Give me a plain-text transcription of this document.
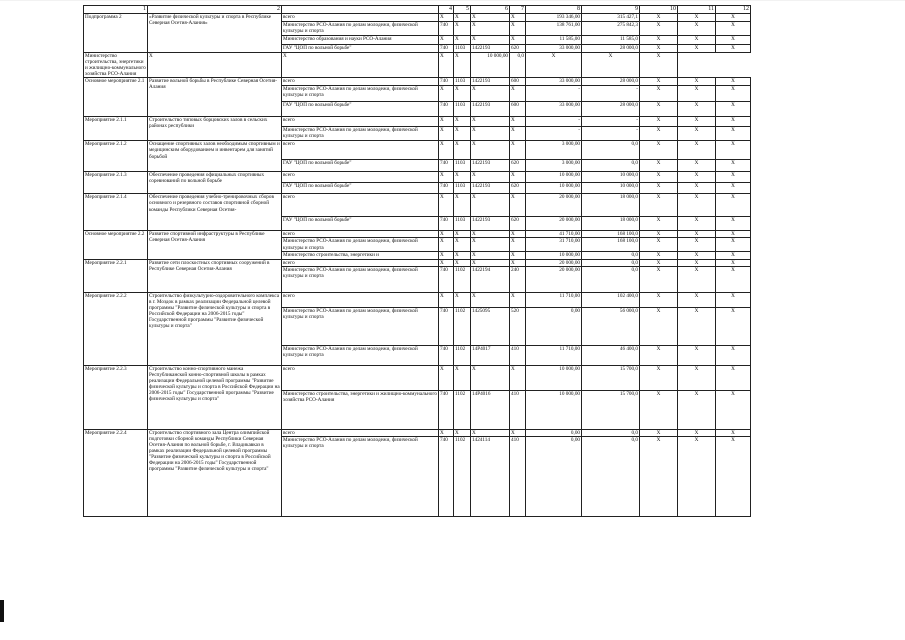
1	2		4	5	6	7	8	9	10	11	12
Подпрограмма 2	«Развитие физической культуры и спорта в Республике Северная Осетия-Алания»	всего	X	X	X	X	193 346,00	315 427,1	X	X	X
		Министерство РСО-Алания по делам молодежи, физической культуры и спорта	740	X	X	X	138 761,00	275 842,3	X	X	X
		Министерство образования и науки РСО-Алания	X	X	X	X	11 585,00	11 585,0	X	X	X
		ГАУ "ЦОП по вольной борьбе"	740	1103	1422193	620	33 000,00	28 000,0	X	X	X
Министерство строительства, энергетики и жилищно-коммунального хозяйства РСО-Алания	X	X	X	X	10 000,00	0,0	X	X	X		
Основное мероприятие 2.1	Развитие вольной борьбы в Республике Северная Осетия-Алания	всего	740	1103	1422193	600	33 000,00	28 000,0	X	X	X
		Министерство РСО-Алания по делам молодежи, физической культуры и спорта	X	X	X	X	-	-	X	X	X
		ГАУ "ЦОП по вольной борьбе"	740	1103	1422193	600	33 000,00	28 000,0	X	X	X
Мероприятие 2.1.1	Строительство типовых борцовских залов в сельских районах республики	всего	X	X	X	X	-	-	X	X	X
		Министерство РСО-Алания по делам молодежи, физической культуры и спорта	X	X	X	X	-	-	X	X	X
Мероприятие 2.1.2	Оснащение спортивных залов необходимым спортивным и медицинским оборудованием и инвентарем для занятий борьбой	всего	X	X	X	X	3 000,00	0,0	X	X	X
		ГАУ "ЦОП по вольной борьбе"	740	1103	1422193	620	3 000,00	0,0	X	X	X
Мероприятие 2.1.3	Обеспечение проведения официальных спортивных соревнований по вольной борьбе	всего	X	X	X	X	10 000,00	10 000,0	X	X	X
		ГАУ "ЦОП по вольной борьбе"	740	1103	1422193	620	10 000,00	10 000,0	X	X	X
Мероприятие 2.1.4	Обеспечение проведения учебно-тренировочных сборов основного и резервного составов спортивной сборной команды Республики Северная Осетия-	всего	X	X	X	X	20 000,00	18 000,0	X	X	X
		ГАУ "ЦОП по вольной борьбе"	740	1103	1422193	620	20 000,00	18 000,0	X	X	X
Основное мероприятие 2.2	Развитие спортивной инфраструктуры в Республике Северная Осетия-Алания	всего	X	X	X	X	41 710,00	168 100,0	X	X	X
		Министерство РСО-Алания по делам молодежи, физической культуры и спорта	X	X	X	X	31 710,00	168 100,0	X	X	X
		Министерство строительства, энергетики и	X	X	X	X	10 000,00	0,0	X	X	X
Мероприятие 2.2.1	Развитие сети плоскостных спортивных сооружений в Республике Северная Осетия-Алания	всего	X	X	X	X	20 000,00	0,0	X	X	X
		Министерство РСО-Алания по делам молодежи, физической культуры и спорта	740	1102	1422194	240	20 000,00	0,0	X	X	X
Мероприятие 2.2.2	Строительство физкультурно-оздоровительного комплекса в г. Моздок в рамках реализации Федеральной целевой программы "Развитие физической культуры и спорта в Российской Федерации на 2006-2015 годы" Государственной программы "Развитие физической культуры и спорта"	всего	X	X	X	X	11 710,00	102 400,0	X	X	X
		Министерство РСО-Алания по делам молодежи, физической культуры и спорта	740	1102	1425095	520	0,00	56 000,0	X	X	X
		Министерство РСО-Алания по делам молодежи, физической культуры и спорта	740	1102	14Р4017	410	11 710,00	46 400,0	X	X	X
Мероприятие 2.2.3	Строительство конно-спортивного манежа Республиканской конно-спортивной школы в рамках реализации Федеральной целевой программы "Развитие физической культуры и спорта в Российской Федерации на 2006-2015 годы" Государственной программы "Развитие физической культуры и спорта"	всего	X	X	X	X	10 000,00	15 700,0	X	X	X
		Министерство строительства, энергетики и жилищно-коммунального хозяйства РСО-Алания	740	1102	14Р4016	410	10 000,00	15 700,0	X	X	X
Мероприятие 2.2.4	Строительство спортивного зала Центра олимпийской подготовки сборной команды Республики Северная Осетия-Алания по вольной борьбе, г. Владикавказ в рамках реализации Федеральной целевой программы "Развитие физической культуры и спорта в Российской Федерации на 2006-2015 годы" Государственной программы "Развитие физической культуры и спорта"	всего	X	X	X	X	0,00	0,0	X	X	X
		Министерство РСО-Алания по делам молодежи, физической культуры и спорта	740	1102	1424114	410	0,00	0,0	X	X	X
